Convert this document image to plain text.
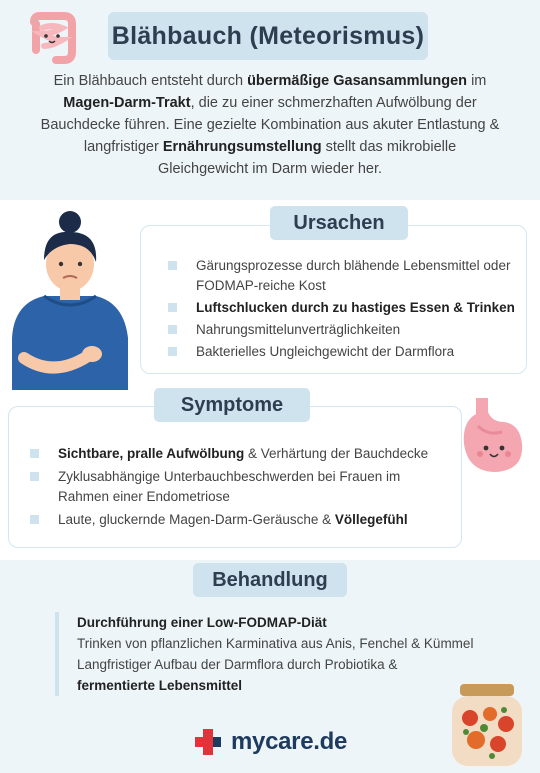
Blähbauch (Meteorismus)
Ein Blähbauch entsteht durch übermäßige Gasansammlungen im Magen-Darm-Trakt, die zu einer schmerzhaften Aufwölbung der Bauchdecke führen. Eine gezielte Kombination aus akuter Entlastung & langfristiger Ernährungsumstellung stellt das mikrobielle Gleichgewicht im Darm wieder her.
Ursachen
Gärungsprozesse durch blähende Lebensmittel oder FODMAP-reiche Kost
Luftschlucken durch zu hastiges Essen & Trinken
Nahrungsmittelunverträglichkeiten
Bakterielles Ungleichgewicht der Darmflora
Symptome
Sichtbare, pralle Aufwölbung & Verhärtung der Bauchdecke
Zyklusabhängige Unterbauchbeschwerden bei Frauen im Rahmen einer Endometriose
Laute, gluckernde Magen-Darm-Geräusche & Völlegefühl
Behandlung
Durchführung einer Low-FODMAP-Diät
Trinken von pflanzlichen Karminativa aus Anis, Fenchel & Kümmel
Langfristiger Aufbau der Darmflora durch Probiotika &
fermentierte Lebensmittel
mycare.de
